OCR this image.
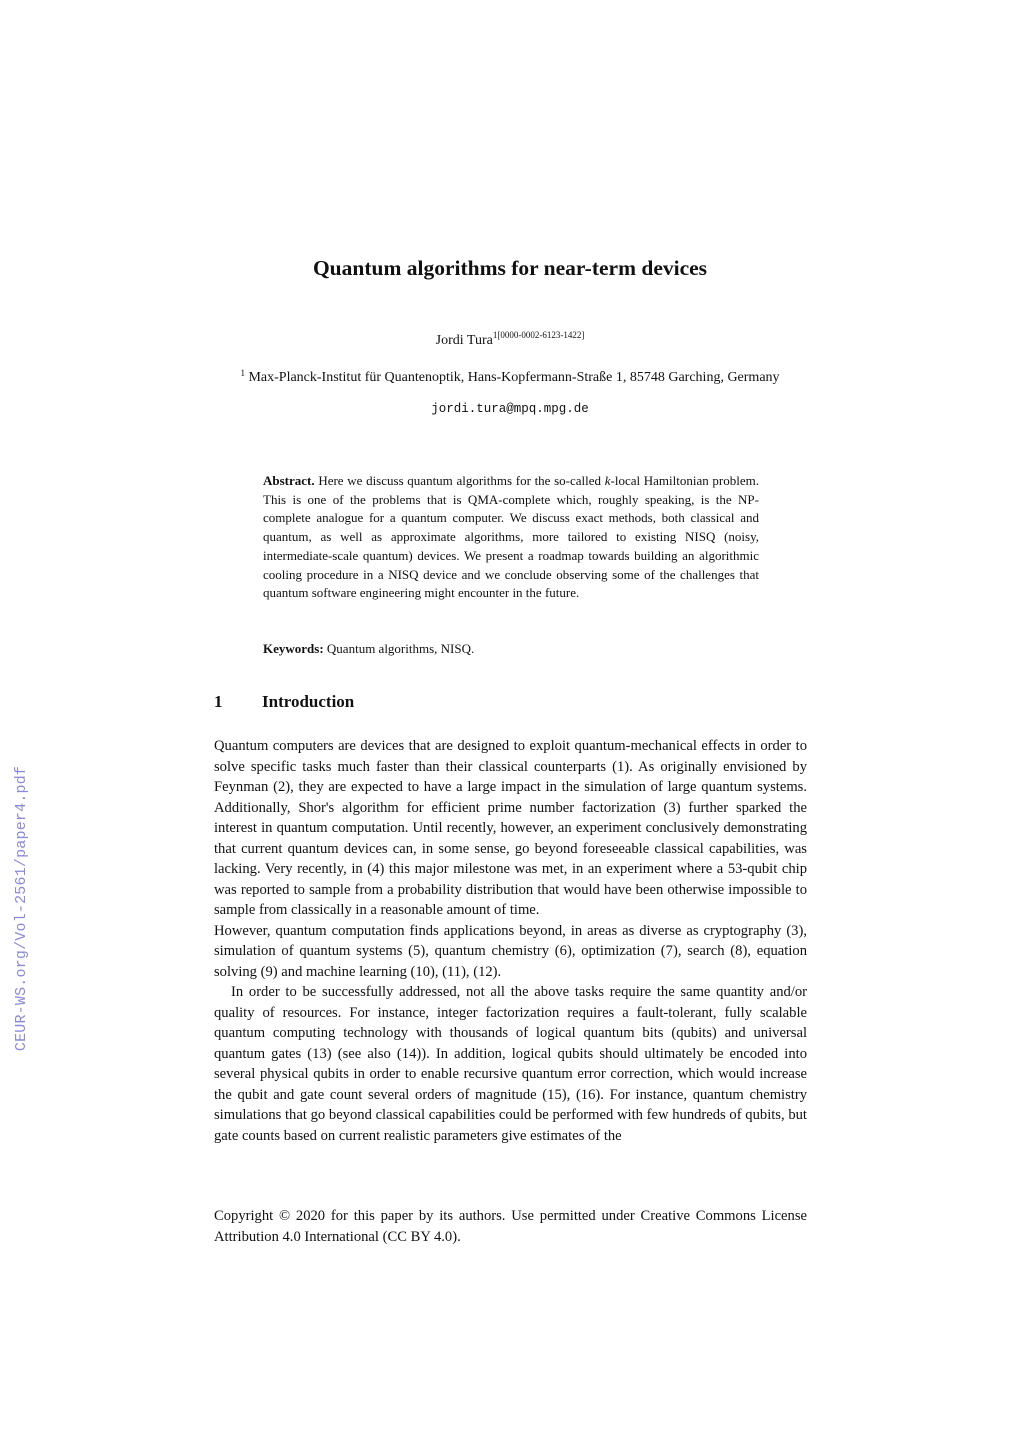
CEUR-WS.org/Vol-2561/paper4.pdf
Quantum algorithms for near-term devices
Jordi Tura$^{1[0000-0002-6123-1422]}$
$^1$ Max-Planck-Institut für Quantenoptik, Hans-Kopfermann-Straße 1, 85748 Garching, Germany
jordi.tura@mpq.mpg.de

Abstract. Here we discuss quantum algorithms for the so-called k-local Hamiltonian problem. This is one of the problems that is QMA-complete which, roughly speaking, is the NP-complete analogue for a quantum computer. We discuss exact methods, both classical and quantum, as well as approximate algorithms, more tailored to existing NISQ (noisy, intermediate-scale quantum) devices. We present a roadmap towards building an algorithmic cooling procedure in a NISQ device and we conclude observing some of the challenges that quantum software engineering might encounter in the future.

Keywords: Quantum algorithms, NISQ.

1 Introduction

Quantum computers are devices that are designed to exploit quantum-mechanical effects in order to solve specific tasks much faster than their classical counterparts (1). As originally envisioned by Feynman (2), they are expected to have a large impact in the simulation of large quantum systems. Additionally, Shor's algorithm for efficient prime number factorization (3) further sparked the interest in quantum computation. Until recently, however, an experiment conclusively demonstrating that current quantum devices can, in some sense, go beyond foreseeable classical capabilities, was lacking. Very recently, in (4) this major milestone was met, in an experiment where a 53-qubit chip was reported to sample from a probability distribution that would have been otherwise impossible to sample from classically in a reasonable amount of time.

However, quantum computation finds applications beyond, in areas as diverse as cryptography (3), simulation of quantum systems (5), quantum chemistry (6), optimization (7), search (8), equation solving (9) and machine learning (10), (11), (12).

In order to be successfully addressed, not all the above tasks require the same quantity and/or quality of resources. For instance, integer factorization requires a fault-tolerant, fully scalable quantum computing technology with thousands of logical quantum bits (qubits) and universal quantum gates (13) (see also (14)). In addition, logical qubits should ultimately be encoded into several physical qubits in order to enable recursive quantum error correction, which would increase the qubit and gate count several orders of magnitude (15), (16). For instance, quantum chemistry simulations that go beyond classical capabilities could be performed with few hundreds of qubits, but gate counts based on current realistic parameters give estimates of the

Copyright © 2020 for this paper by its authors. Use permitted under Creative Commons License Attribution 4.0 International (CC BY 4.0).
